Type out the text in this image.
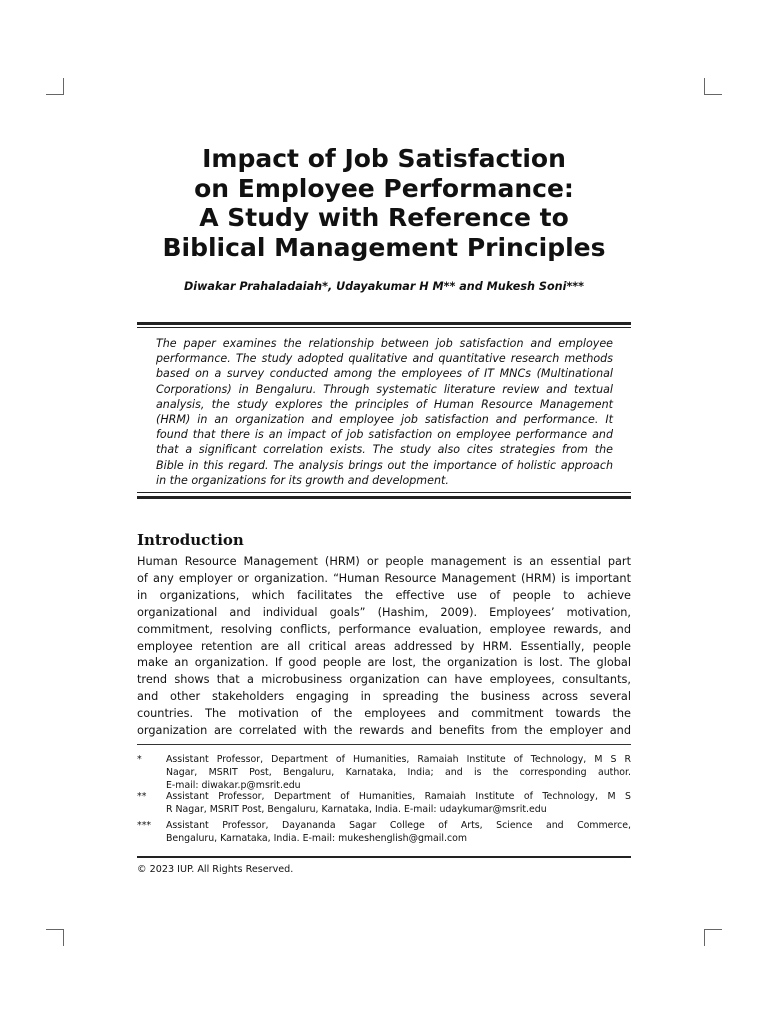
Impact of Job Satisfaction
on Employee Performance:
A Study with Reference to
Biblical Management Principles
Diwakar Prahaladaiah*, Udayakumar H M** and Mukesh Soni***
The paper examines the relationship between job satisfaction and employee
performance. The study adopted qualitative and quantitative research methods
based on a survey conducted among the employees of IT MNCs (Multinational
Corporations) in Bengaluru. Through systematic literature review and textual
analysis, the study explores the principles of Human Resource Management
(HRM) in an organization and employee job satisfaction and performance. It
found that there is an impact of job satisfaction on employee performance and
that a significant correlation exists. The study also cites strategies from the
Bible in this regard. The analysis brings out the importance of holistic approach
in the organizations for its growth and development.
Introduction
Human Resource Management (HRM) or people management is an essential part
of any employer or organization. “Human Resource Management (HRM) is important
in organizations, which facilitates the effective use of people to achieve
organizational and individual goals” (Hashim, 2009). Employees’ motivation,
commitment, resolving conflicts, performance evaluation, employee rewards, and
employee retention are all critical areas addressed by HRM. Essentially, people
make an organization. If good people are lost, the organization is lost. The global
trend shows that a microbusiness organization can have employees, consultants,
and other stakeholders engaging in spreading the business across several
countries. The motivation of the employees and commitment towards the
organization are correlated with the rewards and benefits from the employer and
*	Assistant Professor, Department of Humanities, Ramaiah Institute of Technology, M S R
Nagar, MSRIT Post, Bengaluru, Karnataka, India; and is the corresponding author.
E-mail: diwakar.p@msrit.edu
** Assistant Professor, Department of Humanities, Ramaiah Institute of Technology, M S
R Nagar, MSRIT Post, Bengaluru, Karnataka, India. E-mail: udaykumar@msrit.edu
*** Assistant Professor, Dayananda Sagar College of Arts, Science and Commerce,
Bengaluru, Karnataka, India. E-mail: mukeshenglish@gmail.com
© 2023 IUP. All Rights Reserved.
